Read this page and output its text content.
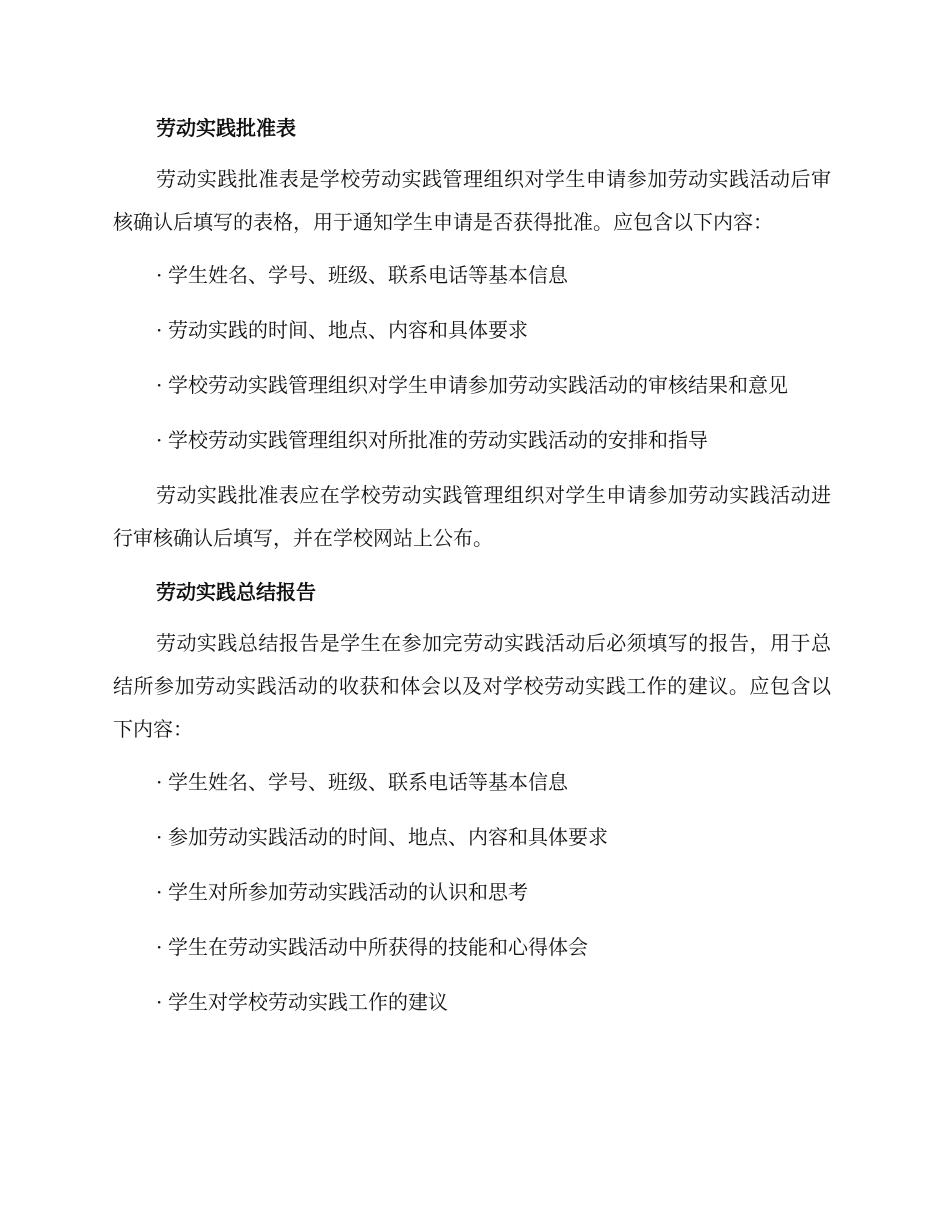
劳动实践批准表

劳动实践批准表是学校劳动实践管理组织对学生申请参加劳动实践活动后审核确认后填写的表格，用于通知学生申请是否获得批准。应包含以下内容：

· 学生姓名、学号、班级、联系电话等基本信息

· 劳动实践的时间、地点、内容和具体要求

· 学校劳动实践管理组织对学生申请参加劳动实践活动的审核结果和意见

· 学校劳动实践管理组织对所批准的劳动实践活动的安排和指导

劳动实践批准表应在学校劳动实践管理组织对学生申请参加劳动实践活动进行审核确认后填写，并在学校网站上公布。

劳动实践总结报告

劳动实践总结报告是学生在参加完劳动实践活动后必须填写的报告，用于总结所参加劳动实践活动的收获和体会以及对学校劳动实践工作的建议。应包含以下内容：

· 学生姓名、学号、班级、联系电话等基本信息

· 参加劳动实践活动的时间、地点、内容和具体要求

· 学生对所参加劳动实践活动的认识和思考

· 学生在劳动实践活动中所获得的技能和心得体会

· 学生对学校劳动实践工作的建议
